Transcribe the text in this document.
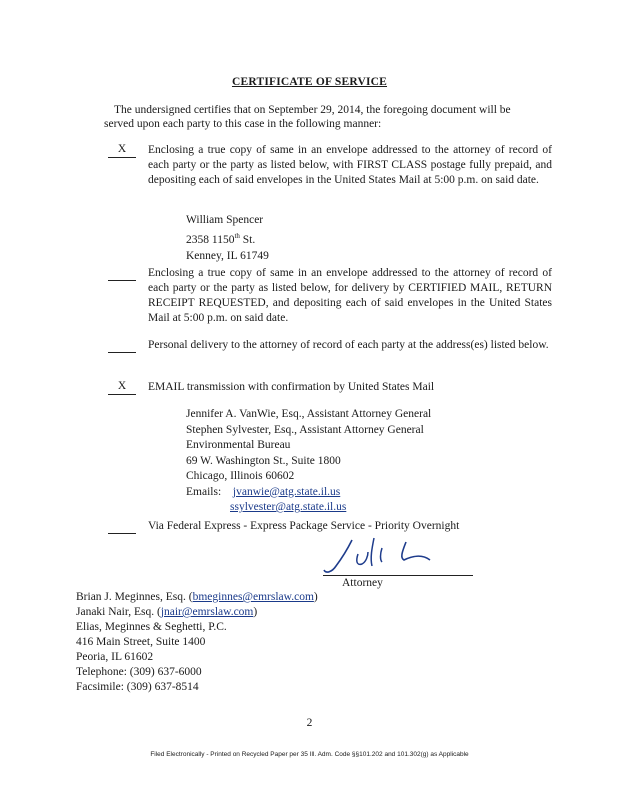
CERTIFICATE OF SERVICE
The undersigned certifies that on September 29, 2014, the foregoing document will be
served upon each party to this case in the following manner:
X	Enclosing a true copy of same in an envelope addressed to the attorney of record of each party or the party as listed below, with FIRST CLASS postage fully prepaid, and depositing each of said envelopes in the United States Mail at 5:00 p.m. on said date.
William Spencer
2358 1150th St.
Kenney, IL 61749
Enclosing a true copy of same in an envelope addressed to the attorney of record of each party or the party as listed below, for delivery by CERTIFIED MAIL, RETURN RECEIPT REQUESTED, and depositing each of said envelopes in the United States Mail at 5:00 p.m. on said date.
Personal delivery to the attorney of record of each party at the address(es) listed below.
X	EMAIL transmission with confirmation by United States Mail
Jennifer A. VanWie, Esq., Assistant Attorney General
Stephen Sylvester, Esq., Assistant Attorney General
Environmental Bureau
69 W. Washington St., Suite 1800
Chicago, Illinois 60602
Emails: jvanwie@atg.state.il.us
ssylvester@atg.state.il.us
Via Federal Express - Express Package Service - Priority Overnight
Attorney
Brian J. Meginnes, Esq. (bmeginnes@emrslaw.com)
Janaki Nair, Esq. (jnair@emrslaw.com)
Elias, Meginnes & Seghetti, P.C.
416 Main Street, Suite 1400
Peoria, IL 61602
Telephone: (309) 637-6000
Facsimile: (309) 637-8514
2
Filed Electronically - Printed on Recycled Paper per 35 Ill. Adm. Code §§101.202 and 101.302(g) as Applicable
